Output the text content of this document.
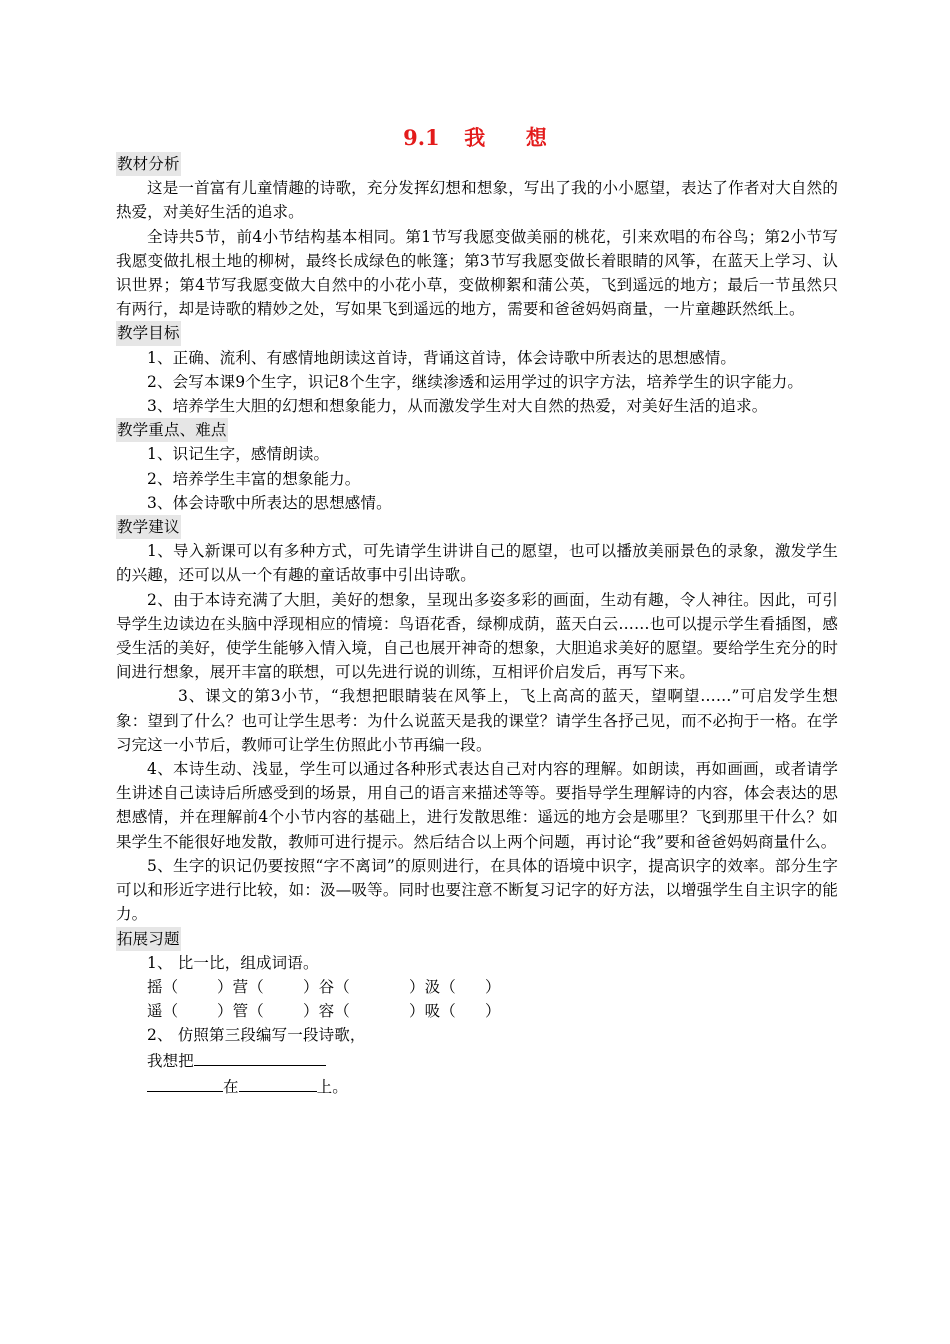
9.1 我 想

教材分析

这是一首富有儿童情趣的诗歌，充分发挥幻想和想象，写出了我的小小愿望，表达了作者对大自然的热爱，对美好生活的追求。

全诗共5节，前4小节结构基本相同。第1节写我愿变做美丽的桃花，引来欢唱的布谷鸟；第2小节写我愿变做扎根土地的柳树，最终长成绿色的帐篷；第3节写我愿变做长着眼睛的风筝，在蓝天上学习、认识世界；第4节写我愿变做大自然中的小花小草，变做柳絮和蒲公英，飞到遥远的地方；最后一节虽然只有两行，却是诗歌的精妙之处，写如果飞到遥远的地方，需要和爸爸妈妈商量，一片童趣跃然纸上。

教学目标

1、正确、流利、有感情地朗读这首诗，背诵这首诗，体会诗歌中所表达的思想感情。

2、会写本课9个生字，识记8个生字，继续渗透和运用学过的识字方法，培养学生的识字能力。

3、培养学生大胆的幻想和想象能力，从而激发学生对大自然的热爱，对美好生活的追求。

教学重点、难点

1、识记生字，感情朗读。

2、培养学生丰富的想象能力。

3、体会诗歌中所表达的思想感情。

教学建议

1、导入新课可以有多种方式，可先请学生讲讲自己的愿望，也可以播放美丽景色的录象，激发学生的兴趣，还可以从一个有趣的童话故事中引出诗歌。

2、由于本诗充满了大胆，美好的想象，呈现出多姿多彩的画面，生动有趣，令人神往。因此，可引导学生边读边在头脑中浮现相应的情境：鸟语花香，绿柳成荫，蓝天白云……也可以提示学生看插图，感受生活的美好，使学生能够入情入境，自己也展开神奇的想象，大胆追求美好的愿望。要给学生充分的时间进行想象，展开丰富的联想，可以先进行说的训练，互相评价启发后，再写下来。

3、课文的第3小节，“我想把眼睛装在风筝上，飞上高高的蓝天，望啊望……”可启发学生想象：望到了什么？也可让学生思考：为什么说蓝天是我的课堂？请学生各抒己见，而不必拘于一格。在学习完这一小节后，教师可让学生仿照此小节再编一段。

4、本诗生动、浅显，学生可以通过各种形式表达自己对内容的理解。如朗读，再如画画，或者请学生讲述自己读诗后所感受到的场景，用自己的语言来描述等等。要指导学生理解诗的内容，体会表达的思想感情，并在理解前4个小节内容的基础上，进行发散思维：遥远的地方会是哪里？飞到那里干什么？如果学生不能很好地发散，教师可进行提示。然后结合以上两个问题，再讨论“我”要和爸爸妈妈商量什么。

5、生字的识记仍要按照“字不离词”的原则进行，在具体的语境中识字，提高识字的效率。部分生字可以和形近字进行比较，如：汲—吸等。同时也要注意不断复习记字的好方法，以增强学生自主识字的能力。

拓展习题

1、 比一比，组成词语。

摇（	）营（	）谷（	）汲（	）
遥（	）管（	）容（	）吸（	）

2、 仿照第三段编写一段诗歌，

我想把

在	上。
